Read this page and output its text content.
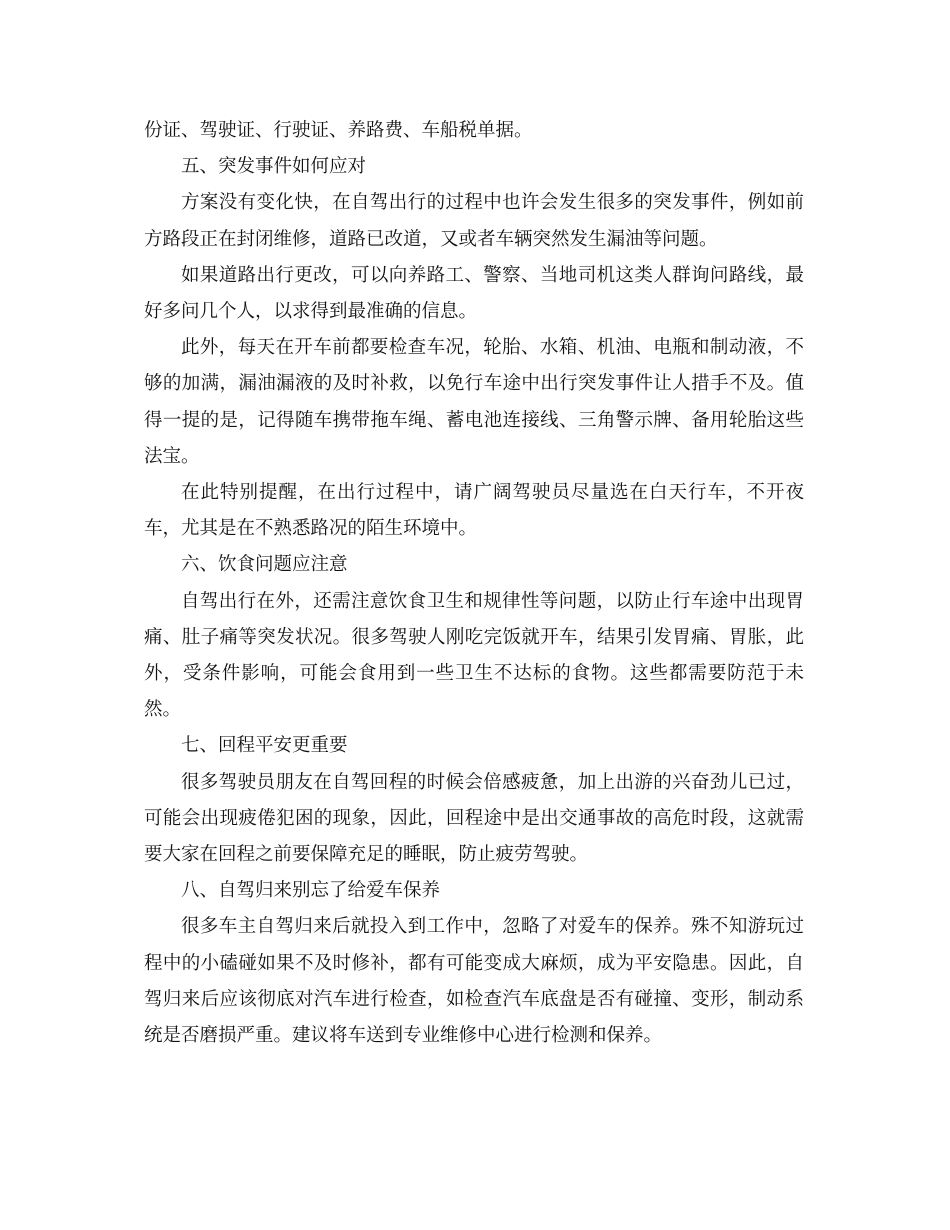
份证、驾驶证、行驶证、养路费、车船税单据。

五、突发事件如何应对

方案没有变化快，在自驾出行的过程中也许会发生很多的突发事件，例如前方路段正在封闭维修，道路已改道，又或者车辆突然发生漏油等问题。

如果道路出行更改，可以向养路工、警察、当地司机这类人群询问路线，最好多问几个人，以求得到最准确的信息。

此外，每天在开车前都要检查车况，轮胎、水箱、机油、电瓶和制动液，不够的加满，漏油漏液的及时补救，以免行车途中出行突发事件让人措手不及。值得一提的是，记得随车携带拖车绳、蓄电池连接线、三角警示牌、备用轮胎这些法宝。

在此特别提醒，在出行过程中，请广阔驾驶员尽量选在白天行车，不开夜车，尤其是在不熟悉路况的陌生环境中。

六、饮食问题应注意

自驾出行在外，还需注意饮食卫生和规律性等问题，以防止行车途中出现胃痛、肚子痛等突发状况。很多驾驶人刚吃完饭就开车，结果引发胃痛、胃胀，此外，受条件影响，可能会食用到一些卫生不达标的食物。这些都需要防范于未然。

七、回程平安更重要

很多驾驶员朋友在自驾回程的时候会倍感疲惫，加上出游的兴奋劲儿已过，可能会出现疲倦犯困的现象，因此，回程途中是出交通事故的高危时段，这就需要大家在回程之前要保障充足的睡眠，防止疲劳驾驶。

八、自驾归来别忘了给爱车保养

很多车主自驾归来后就投入到工作中，忽略了对爱车的保养。殊不知游玩过程中的小磕碰如果不及时修补，都有可能变成大麻烦，成为平安隐患。因此，自驾归来后应该彻底对汽车进行检查，如检查汽车底盘是否有碰撞、变形，制动系统是否磨损严重。建议将车送到专业维修中心进行检测和保养。
